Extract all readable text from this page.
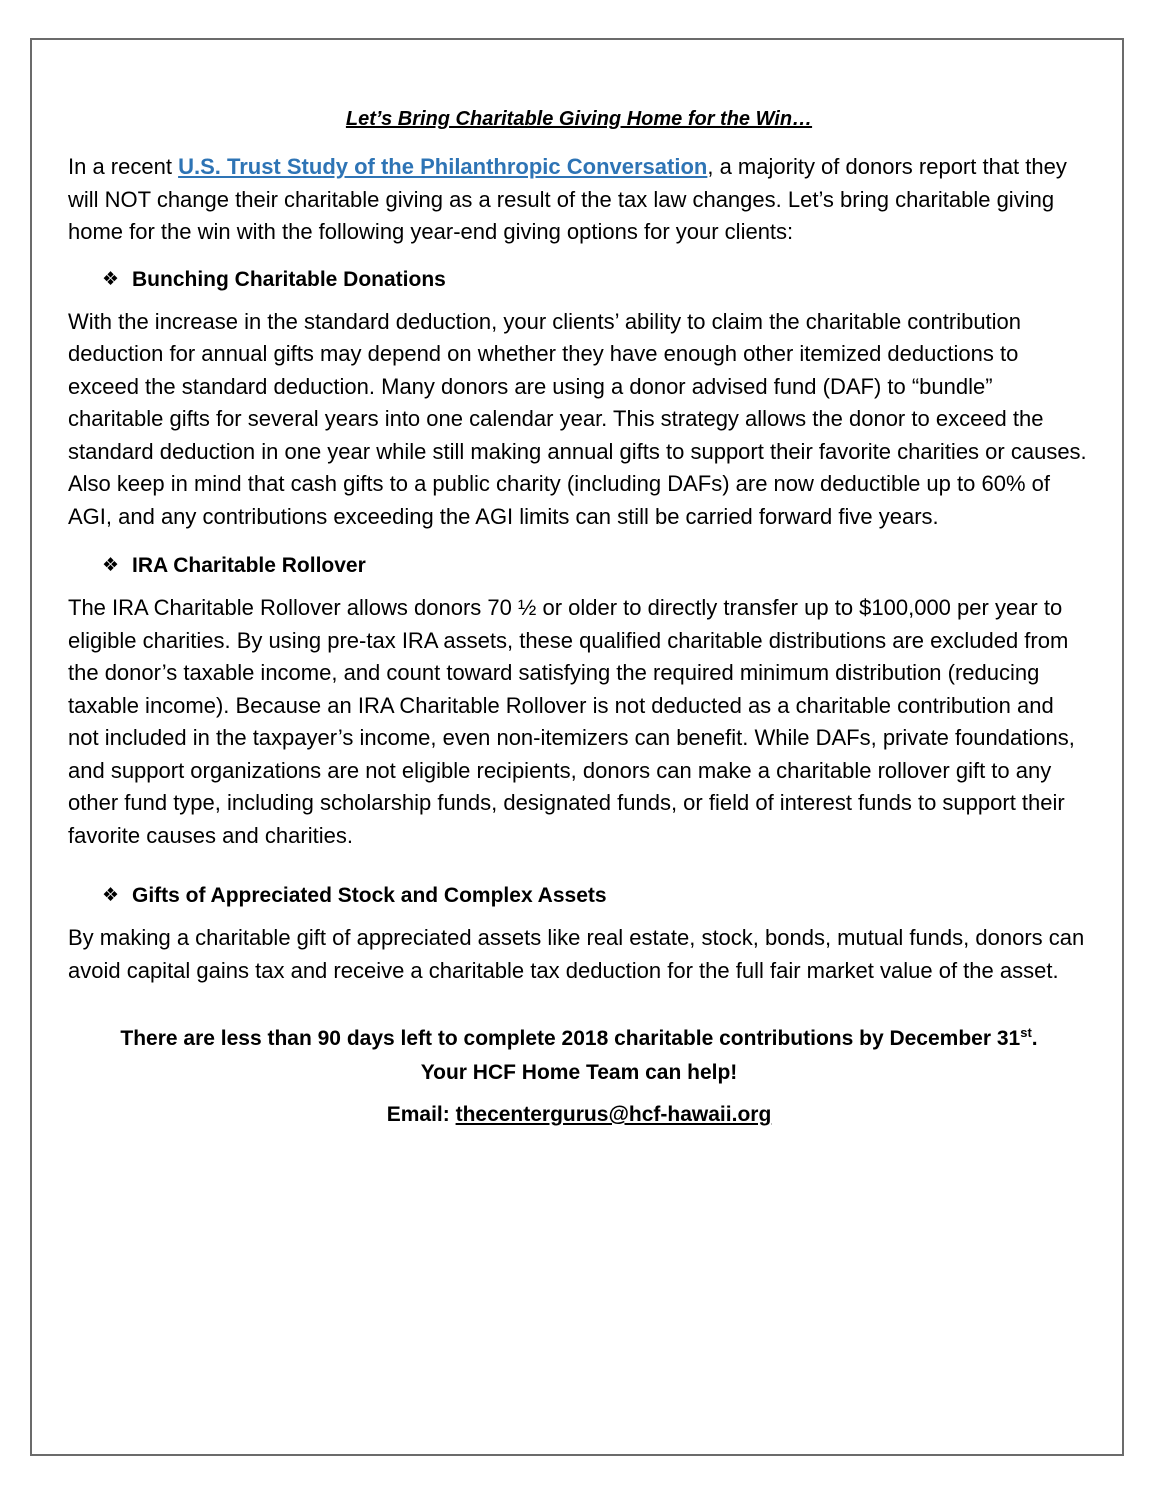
Let’s Bring Charitable Giving Home for the Win…

In a recent U.S. Trust Study of the Philanthropic Conversation, a majority of donors report that they will NOT change their charitable giving as a result of the tax law changes. Let’s bring charitable giving home for the win with the following year-end giving options for your clients:

❖ Bunching Charitable Donations

With the increase in the standard deduction, your clients’ ability to claim the charitable contribution deduction for annual gifts may depend on whether they have enough other itemized deductions to exceed the standard deduction. Many donors are using a donor advised fund (DAF) to “bundle” charitable gifts for several years into one calendar year. This strategy allows the donor to exceed the standard deduction in one year while still making annual gifts to support their favorite charities or causes. Also keep in mind that cash gifts to a public charity (including DAFs) are now deductible up to 60% of AGI, and any contributions exceeding the AGI limits can still be carried forward five years.

❖ IRA Charitable Rollover

The IRA Charitable Rollover allows donors 70 ½ or older to directly transfer up to $100,000 per year to eligible charities. By using pre-tax IRA assets, these qualified charitable distributions are excluded from the donor’s taxable income, and count toward satisfying the required minimum distribution (reducing taxable income). Because an IRA Charitable Rollover is not deducted as a charitable contribution and not included in the taxpayer’s income, even non-itemizers can benefit. While DAFs, private foundations, and support organizations are not eligible recipients, donors can make a charitable rollover gift to any other fund type, including scholarship funds, designated funds, or field of interest funds to support their favorite causes and charities.

❖ Gifts of Appreciated Stock and Complex Assets

By making a charitable gift of appreciated assets like real estate, stock, bonds, mutual funds, donors can avoid capital gains tax and receive a charitable tax deduction for the full fair market value of the asset.

There are less than 90 days left to complete 2018 charitable contributions by December 31st.
Your HCF Home Team can help!
Email: thecentergurus@hcf-hawaii.org
